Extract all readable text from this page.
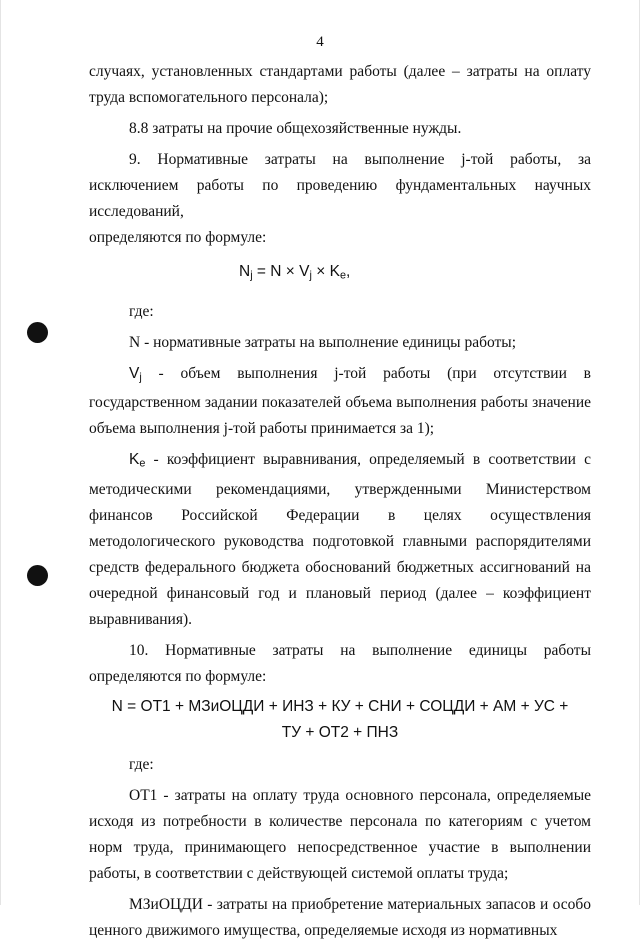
4

случаях, установленных стандартами работы (далее – затраты на оплату труда вспомогательного персонала);

8.8 затраты на прочие общехозяйственные нужды.

9. Нормативные затраты на выполнение j-той работы, за исключением работы по проведению фундаментальных научных исследований,

определяются по формуле:

$N_j = N \times V_j \times K_e$,

где:

N - нормативные затраты на выполнение единицы работы;

$V_j$ - объем выполнения j-той работы (при отсутствии в государственном задании показателей объема выполнения работы значение объема выполнения j-той работы принимается за 1);

$K_e$ - коэффициент выравнивания, определяемый в соответствии с методическими рекомендациями, утвержденными Министерством финансов Российской Федерации в целях осуществления методологического руководства подготовкой главными распорядителями средств федерального бюджета обоснований бюджетных ассигнований на очередной финансовый год и плановый период (далее – коэффициент выравнивания).

10. Нормативные затраты на выполнение единицы работы

определяются по формуле:

N = ОТ1 + МЗиОЦДИ + ИНЗ + КУ + СНИ + СОЦДИ + АМ + УС +

ТУ + ОТ2 + ПНЗ

где:

ОТ1 - затраты на оплату труда основного персонала, определяемые исходя из потребности в количестве персонала по категориям с учетом норм труда, принимающего непосредственное участие в выполнении работы, в соответствии с действующей системой оплаты труда;

МЗиОЦДИ - затраты на приобретение материальных запасов и особо ценного движимого имущества, определяемые исходя из нормативных
